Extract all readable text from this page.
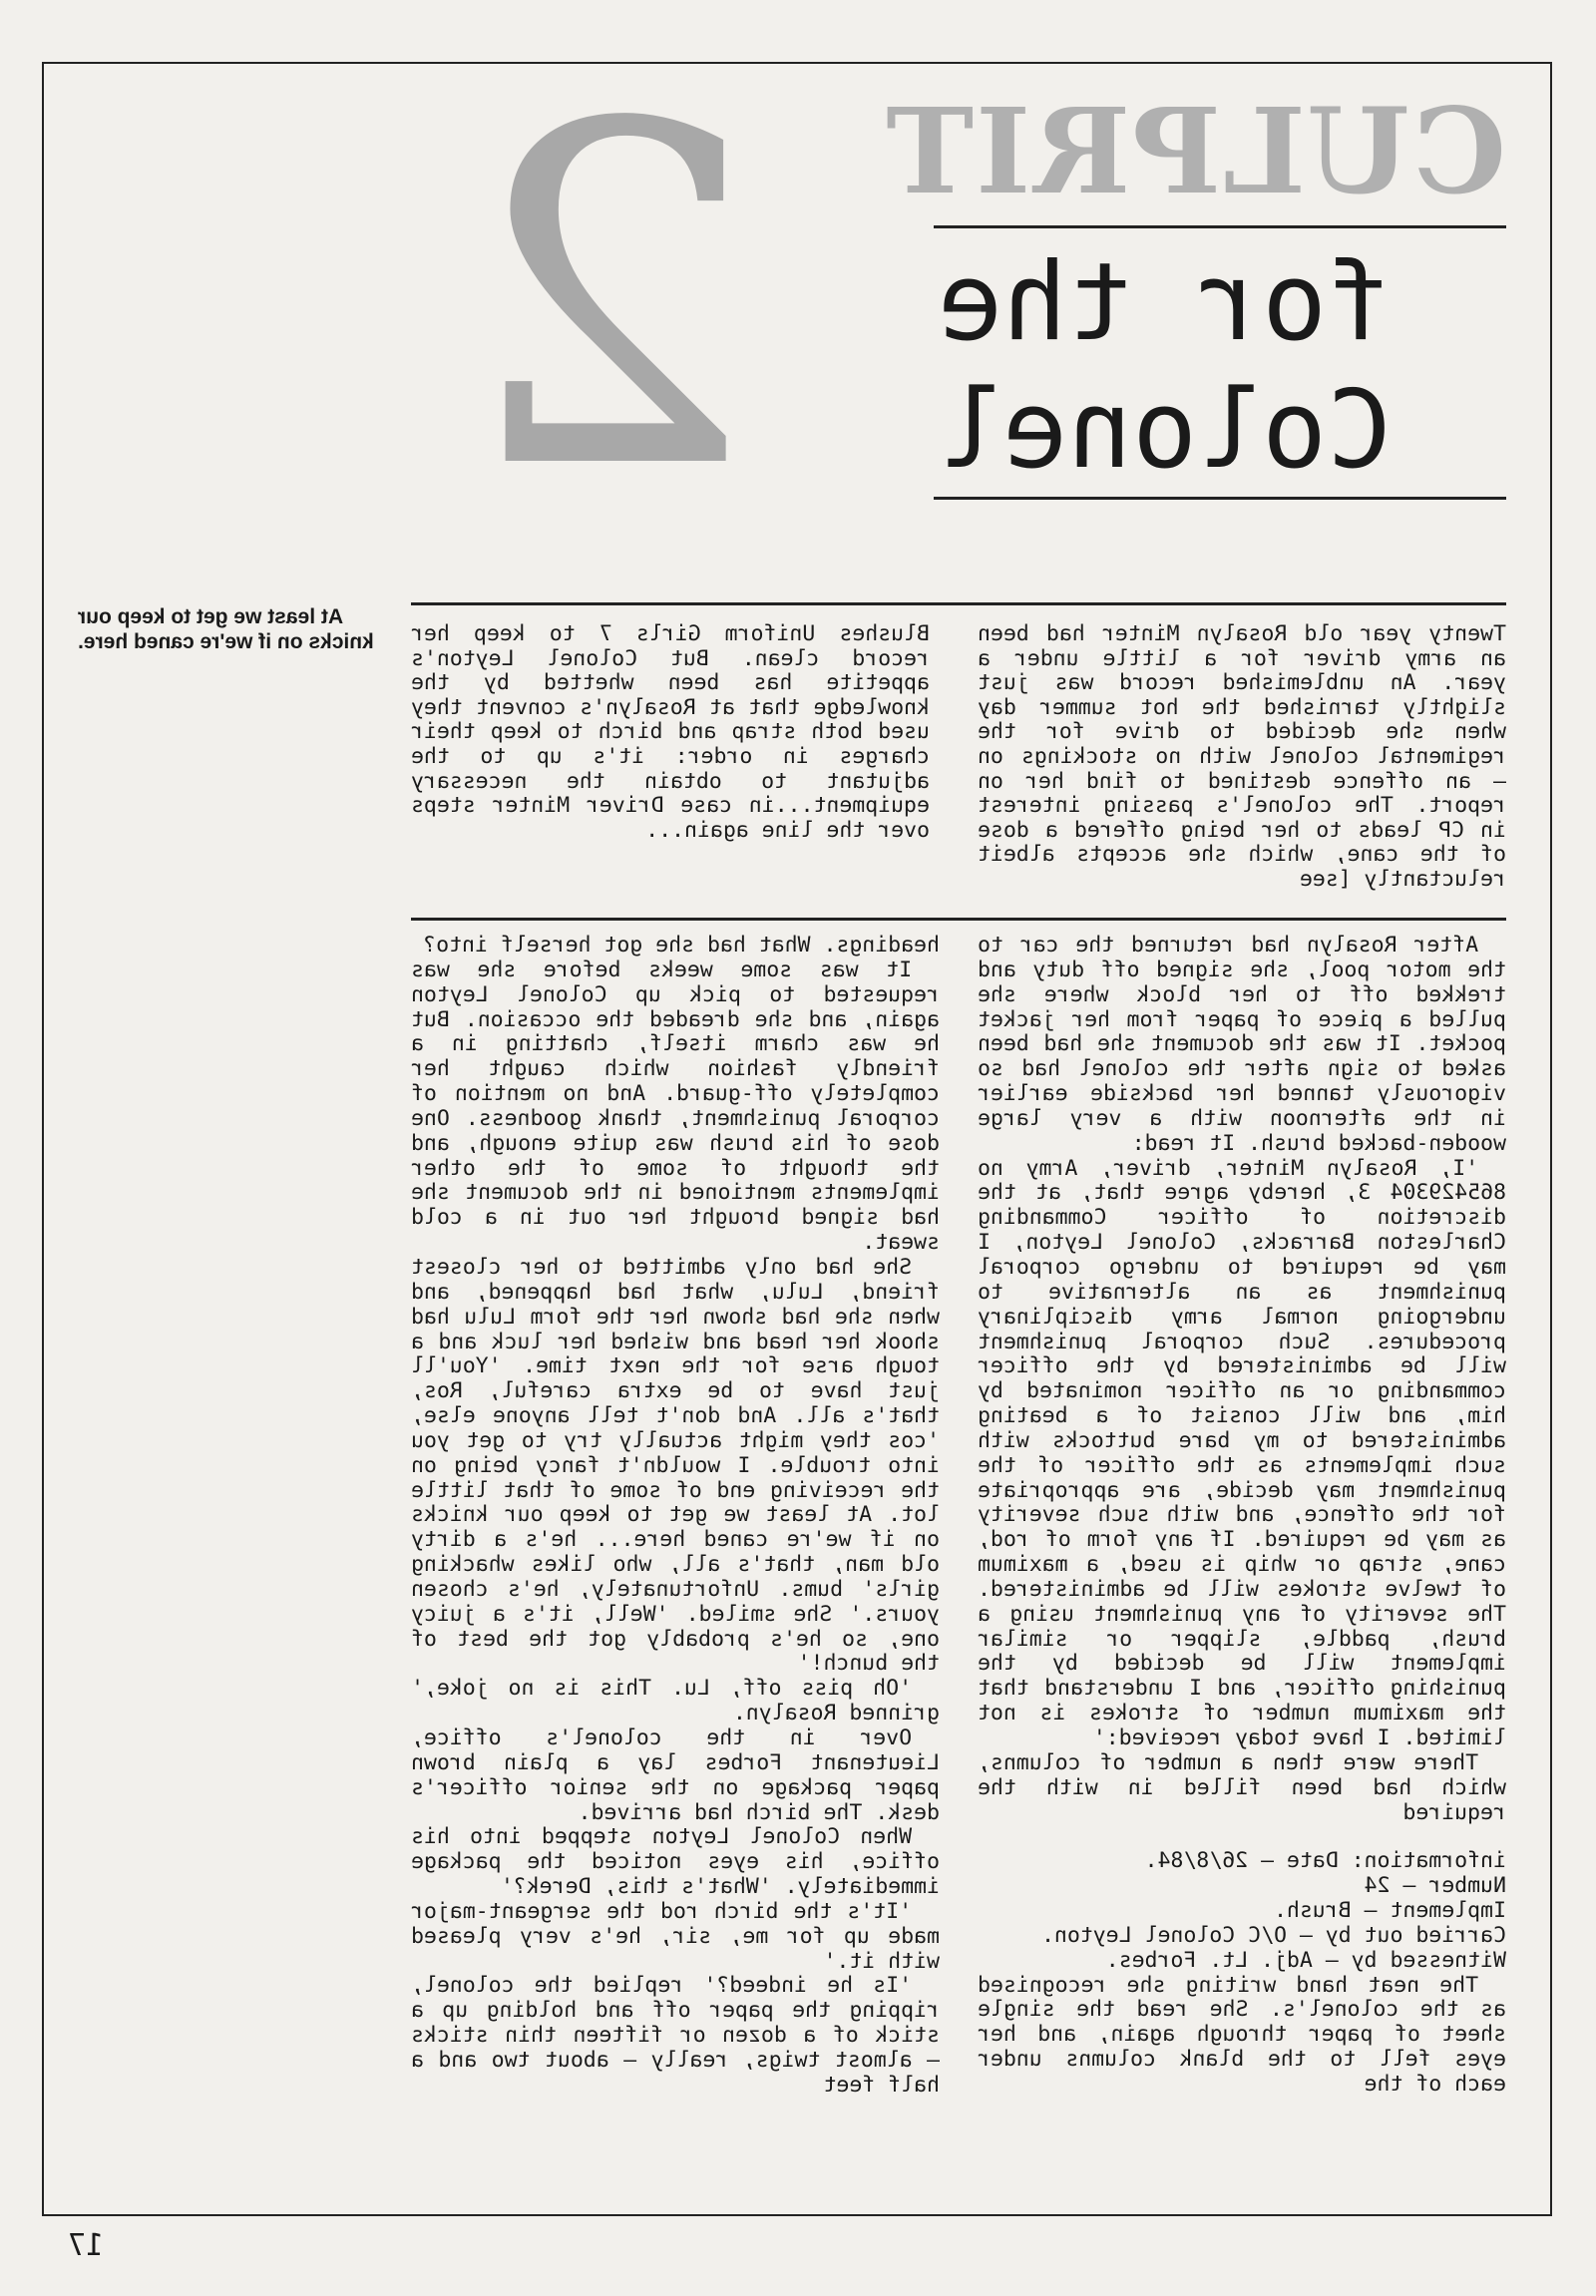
2	CULPRIT
for the
Colonel
At least we get to keep our knicks on if we're caned here.	Twenty year old Rosalyn Minter had been an army driver for a little under a year. An unblemished record was just slightly tarnished the hot summer day when she decided to drive for the regimental colonel with no stockings on — an offence destined to find her on report. The colonel's passing interest in CP leads to her being offered a dose of the cane, which she accepts albeit reluctantly [see

Blushes Uniform Girls 7 to keep her record clean. But Colonel Leyton's appetite has been whetted by the knowledge that at Rosalyn's convent they used both strap and birch to keep their charges in order: it's up to the adjutant to obtain the necessary equipment...in case Driver Minter steps over the line again...

After Rosalyn had returned the car to the motor pool, she signed off duty and trekked off to her block where she pulled a piece of paper from her jacket pocket. It was the document she had been asked to sign after the colonel had so vigorously tanned her backside earlier in the afternoon with a very large wooden-backed brush. It read:

'I, Rosalyn Minter, driver, Army no 865429304 3, hereby agree that, at the discretion of officer Commanding Charleston Barracks, Colonel Leyton, I may be required to undergo corporal punishment as an alternative to undergoing normal army disciplinary procedures. Such corporal punishment will be administered by the officer commanding or an officer nominated by him, and will consist of a beating administered to my bare buttocks with such implements as the officer of the punishment may decide, are appropriate for the offence, and with such severity as may be required. If any form of rod, cane, strap or whip is used, a maximum of twelve strokes will be administered. The severity of any punishment using a brush, paddle, slipper or similar implement will be decided by the punishing officer, and I understand that the maximum number of strokes is not limited. I have today received:'

There were then a number of columns, which had been filled in with the required

information: Date — 26/8/84.

Number — 24

Implement — Brush.

Carried out by — O/C Colonel Leyton.

Witnessed by — Adj. Lt. Forbes.

The neat hand writing she recognised as the colonel's. She read the single sheet of paper through again, and her eyes fell to the blank columns under each of the

headings. What had she got herself into?

It was some weeks before she was requested to pick up Colonel Leyton again, and she dreaded the occasion. But he was charm itself, chatting in a friendly fashion which caught her completely off-guard. And no mention of corporal punishment, thank goodness. One dose of his brush was quite enough, and the thought of some of the other implements mentioned in the document she had signed brought her out in a cold sweat.

She had only admitted to her closest friend, Lulu, what had happened, and when she had shown her the form Lulu had shook her head and wished her luck and a tough arse for the next time. 'You'll just have to be extra careful, Ros, that's all. And don't tell anyone else, 'cos they might actually try to get you into trouble. I wouldn't fancy being on the receiving end of some of that little lot. At least we get to keep our knicks on if we're caned here... he's a dirty old man, that's all, who likes whacking girls' bums. Unfortunately, he's chosen yours.' She smiled. 'Well, it's a juicy one, so he's probably got the best of the bunch!'

'Oh piss off, Lu. This is no joke,' grinned Rosalyn.

Over in the colonel's office, Lieutenant Forbes lay a plain brown paper package on the senior officer's desk. The birch had arrived.

When Colonel Leyton stepped into his office, his eyes noticed the package immediately. 'What's this, Derek?'

'It's the birch rod the sergeant-major made up for me, sir, he's very pleased with it.'

'Is he indeed?' replied the colonel, ripping the paper off and holding up a stick of a dozen or fifteen thin sticks — almost twigs, really — about two and a half feet

17
